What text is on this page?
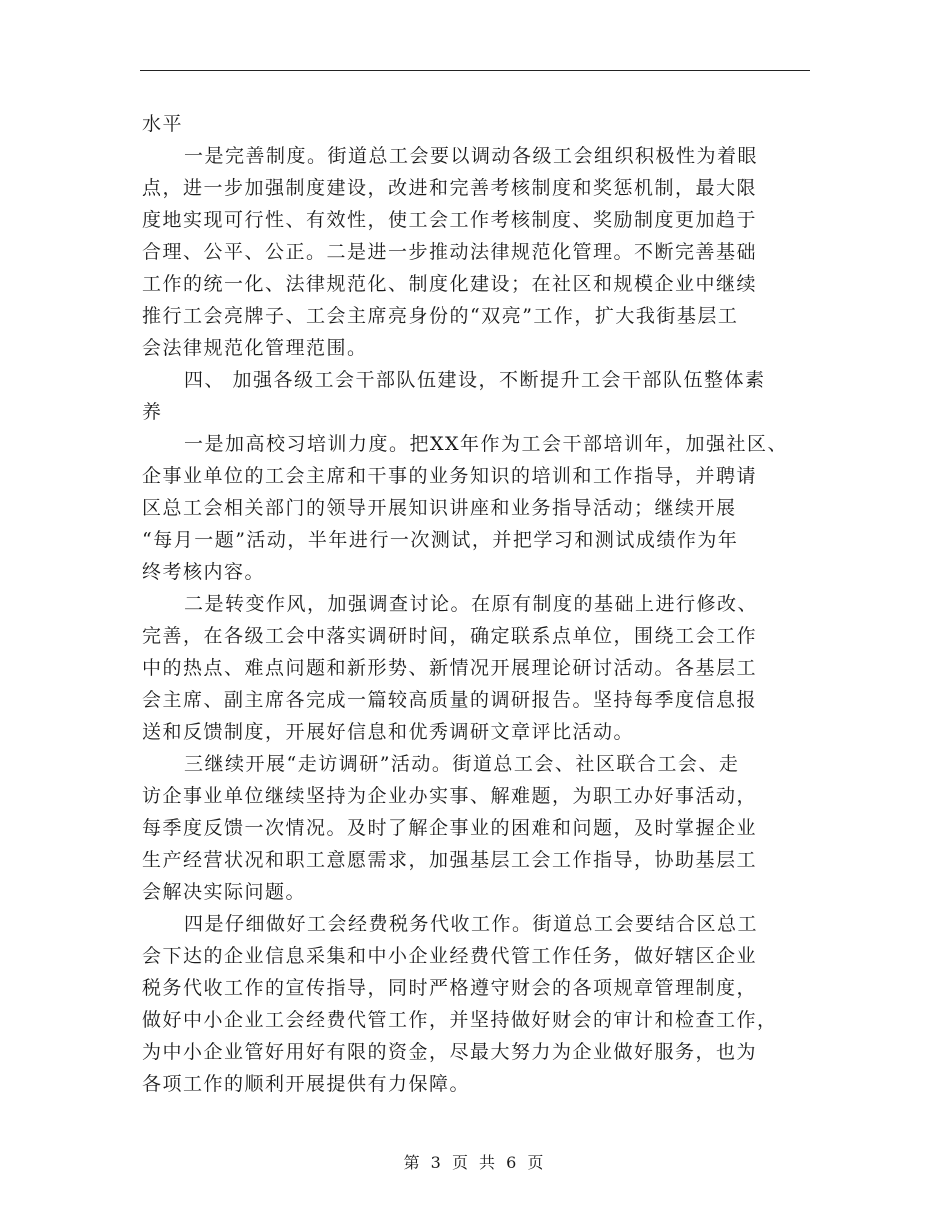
水平
一是完善制度。街道总工会要以调动各级工会组织积极性为着眼
点，进一步加强制度建设，改进和完善考核制度和奖惩机制，最大限
度地实现可行性、有效性，使工会工作考核制度、奖励制度更加趋于
合理、公平、公正。二是进一步推动法律规范化管理。不断完善基础
工作的统一化、法律规范化、制度化建设；在社区和规模企业中继续
推行工会亮牌子、工会主席亮身份的“双亮”工作，扩大我街基层工
会法律规范化管理范围。
四、 加强各级工会干部队伍建设，不断提升工会干部队伍整体素
养
一是加高校习培训力度。把XX年作为工会干部培训年，加强社区、
企事业单位的工会主席和干事的业务知识的培训和工作指导，并聘请
区总工会相关部门的领导开展知识讲座和业务指导活动；继续开展
“每月一题”活动，半年进行一次测试，并把学习和测试成绩作为年
终考核内容。
二是转变作风，加强调查讨论。在原有制度的基础上进行修改、
完善，在各级工会中落实调研时间，确定联系点单位，围绕工会工作
中的热点、难点问题和新形势、新情况开展理论研讨活动。各基层工
会主席、副主席各完成一篇较高质量的调研报告。坚持每季度信息报
送和反馈制度，开展好信息和优秀调研文章评比活动。
三继续开展“走访调研”活动。街道总工会、社区联合工会、走
访企事业单位继续坚持为企业办实事、解难题，为职工办好事活动，
每季度反馈一次情况。及时了解企事业的困难和问题，及时掌握企业
生产经营状况和职工意愿需求，加强基层工会工作指导，协助基层工
会解决实际问题。
四是仔细做好工会经费税务代收工作。街道总工会要结合区总工
会下达的企业信息采集和中小企业经费代管工作任务，做好辖区企业
税务代收工作的宣传指导，同时严格遵守财会的各项规章管理制度，
做好中小企业工会经费代管工作，并坚持做好财会的审计和检查工作，
为中小企业管好用好有限的资金，尽最大努力为企业做好服务，也为
各项工作的顺利开展提供有力保障。
第 3 页 共 6 页
